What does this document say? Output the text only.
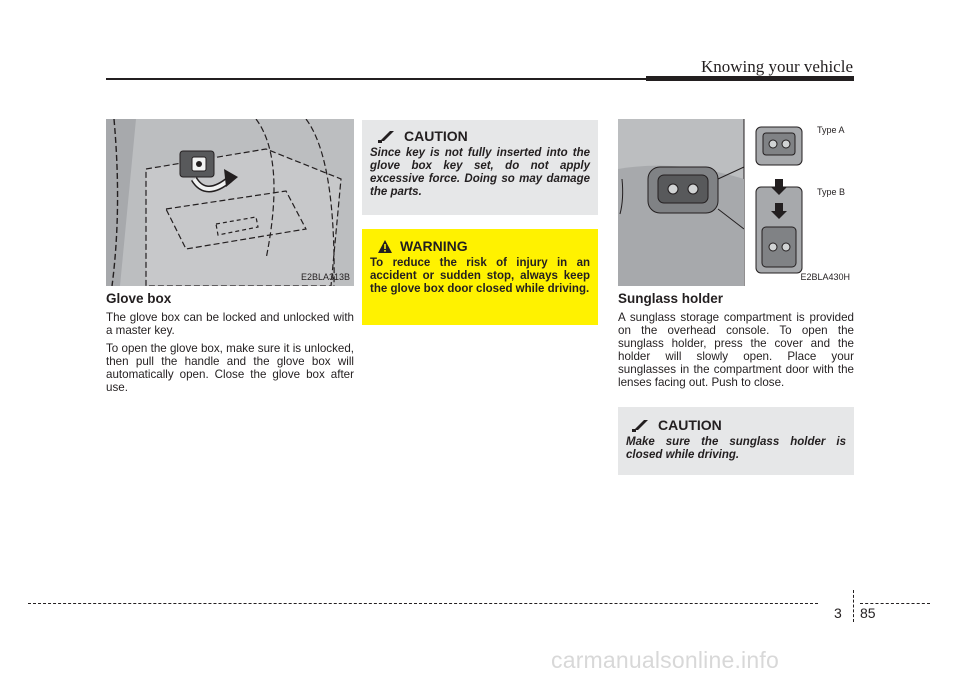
Knowing your vehicle
E2BLA313B
Glove box

The glove box can be locked and unlocked with a master key.

To open the glove box, make sure it is unlocked, then pull the handle and the glove box will automatically open. Close the glove box after use.

CAUTION
Since key is not fully inserted into the glove box key set, do not apply excessive force. Doing so may damage the parts.
WARNING
To reduce the risk of injury in an accident or sudden stop, always keep the glove box door closed while driving.
Type A
Type B
E2BLA430H
Sunglass holder
A sunglass storage compartment is provided on the overhead console. To open the sunglass holder, press the cover and the holder will slowly open. Place your sunglasses in the compartment door with the lenses facing out. Push to close.
CAUTION
Make sure the sunglass holder is closed while driving.
3 85
carmanualsonline.info
